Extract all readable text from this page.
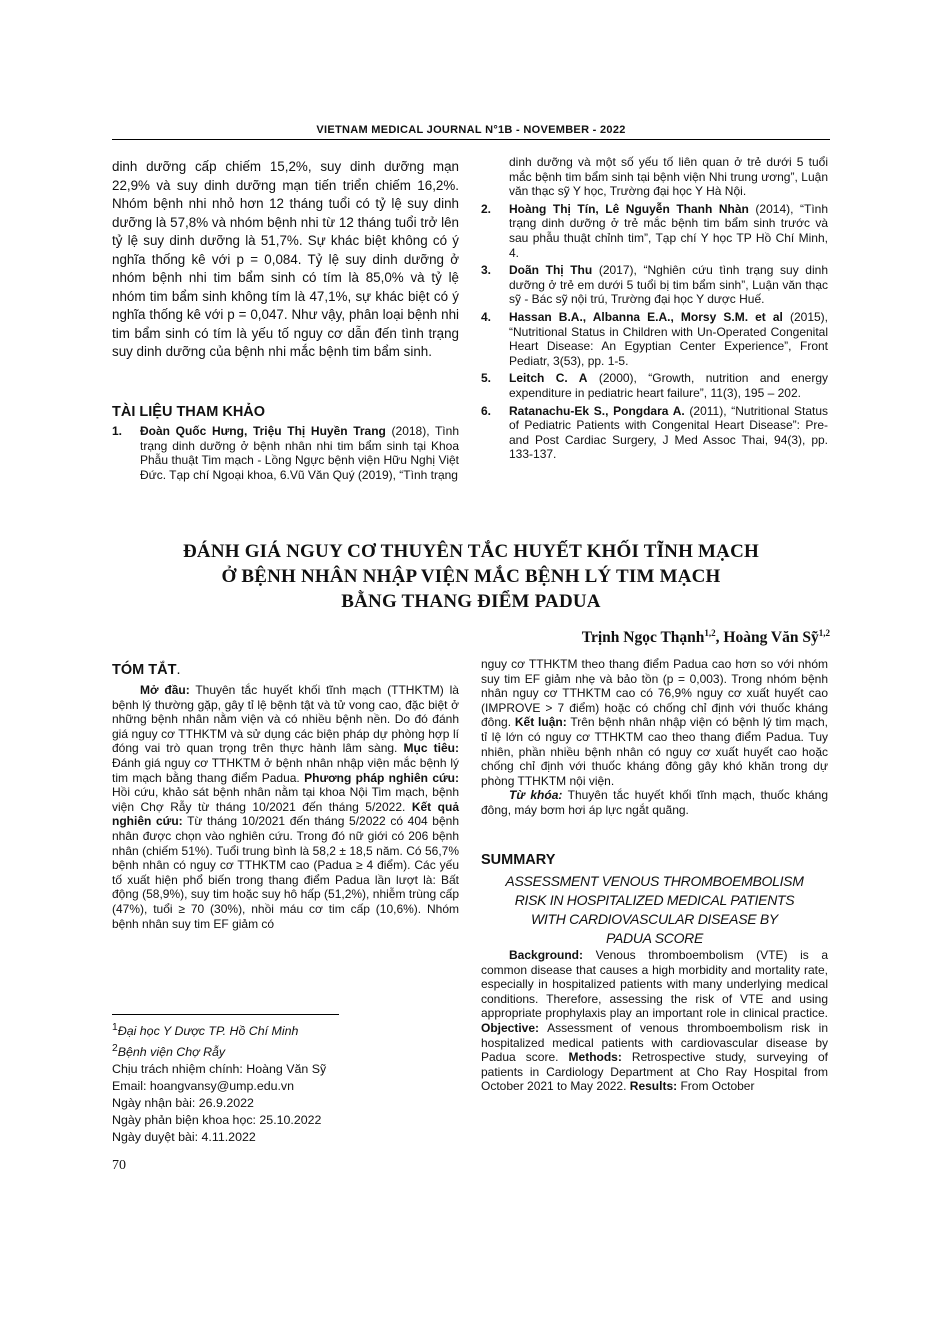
VIETNAM MEDICAL JOURNAL N°1B - NOVEMBER - 2022
dinh dưỡng cấp chiếm 15,2%, suy dinh dưỡng mạn 22,9% và suy dinh dưỡng mạn tiến triển chiếm 16,2%. Nhóm bệnh nhi nhỏ hơn 12 tháng tuổi có tỷ lệ suy dinh dưỡng là 57,8% và nhóm bệnh nhi từ 12 tháng tuổi trở lên tỷ lệ suy dinh dưỡng là 51,7%. Sự khác biệt không có ý nghĩa thống kê với p = 0,084. Tỷ lệ suy dinh dưỡng ở nhóm bệnh nhi tim bẩm sinh có tím là 85,0% và tỷ lệ nhóm tim bẩm sinh không tím là 47,1%, sự khác biệt có ý nghĩa thống kê với p = 0,047. Như vậy, phân loại bệnh nhi tim bẩm sinh có tím là yếu tố nguy cơ dẫn đến tình trạng suy dinh dưỡng của bệnh nhi mắc bệnh tim bẩm sinh.
TÀI LIỆU THAM KHẢO
1. Đoàn Quốc Hưng, Triệu Thị Huyền Trang (2018), Tình trạng dinh dưỡng ở bệnh nhân nhi tim bẩm sinh tại Khoa Phẫu thuật Tim mạch - Lồng Ngực bệnh viện Hữu Nghị Việt Đức. Tạp chí Ngoại khoa, 6.Vũ Văn Quý (2019), “Tình trạng
dinh dưỡng và một số yếu tố liên quan ở trẻ dưới 5 tuổi mắc bệnh tim bẩm sinh tại bệnh viện Nhi trung ương”, Luận văn thạc sỹ Y học, Trường đại học Y Hà Nội.
2. Hoàng Thị Tín, Lê Nguyễn Thanh Nhàn (2014), “Tình trạng dinh dưỡng ở trẻ mắc bệnh tim bẩm sinh trước và sau phẫu thuật chỉnh tim”, Tạp chí Y học TP Hồ Chí Minh, 4.
3. Doãn Thị Thu (2017), “Nghiên cứu tình trạng suy dinh dưỡng ở trẻ em dưới 5 tuổi bị tim bẩm sinh”, Luận văn thạc sỹ - Bác sỹ nội trú, Trường đại học Y dược Huế.
4. Hassan B.A., Albanna E.A., Morsy S.M. et al (2015), “Nutritional Status in Children with Un-Operated Congenital Heart Disease: An Egyptian Center Experience”, Front Pediatr, 3(53), pp. 1-5.
5. Leitch C. A (2000), “Growth, nutrition and energy expenditure in pediatric heart failure”, 11(3), 195 – 202.
6. Ratanachu-Ek S., Pongdara A. (2011), “Nutritional Status of Pediatric Patients with Congenital Heart Disease”: Pre- and Post Cardiac Surgery, J Med Assoc Thai, 94(3), pp. 133-137.
ĐÁNH GIÁ NGUY CƠ THUYÊN TẮC HUYẾT KHỐI TĨNH MẠCH
Ở BỆNH NHÂN NHẬP VIỆN MẮC BỆNH LÝ TIM MẠCH
BẰNG THANG ĐIỂM PADUA
Trịnh Ngọc Thạnh$^{1,2}$, Hoàng Văn Sỹ$^{1,2}$
TÓM TẮT.
Mở đầu: Thuyên tắc huyết khối tĩnh mạch (TTHKTM) là bệnh lý thường gặp, gây tỉ lệ bệnh tật và tử vong cao, đặc biệt ở những bệnh nhân nằm viện và có nhiều bệnh nền. Do đó đánh giá nguy cơ TTHKTM và sử dụng các biện pháp dự phòng hợp lí đóng vai trò quan trọng trên thực hành lâm sàng. Mục tiêu: Đánh giá nguy cơ TTHKTM ở bệnh nhân nhập viện mắc bệnh lý tim mạch bằng thang điểm Padua. Phương pháp nghiên cứu: Hồi cứu, khảo sát bệnh nhân nằm tại khoa Nội Tim mạch, bệnh viện Chợ Rẫy từ tháng 10/2021 đến tháng 5/2022. Kết quả nghiên cứu: Từ tháng 10/2021 đến tháng 5/2022 có 404 bệnh nhân được chọn vào nghiên cứu. Trong đó nữ giới có 206 bệnh nhân (chiếm 51%). Tuổi trung bình là 58,2 ± 18,5 năm. Có 56,7% bệnh nhân có nguy cơ TTHKTM cao (Padua ≥ 4 điểm). Các yếu tố xuất hiện phổ biến trong thang điểm Padua lần lượt là: Bất động (58,9%), suy tim hoặc suy hô hấp (51,2%), nhiễm trùng cấp (47%), tuổi ≥ 70 (30%), nhồi máu cơ tim cấp (10,6%). Nhóm bệnh nhân suy tim EF giảm có
nguy cơ TTHKTM theo thang điểm Padua cao hơn so với nhóm suy tim EF giảm nhẹ và bảo tồn (p = 0,003). Trong nhóm bệnh nhân nguy cơ TTHKTM cao có 76,9% nguy cơ xuất huyết cao (IMPROVE > 7 điểm) hoặc có chống chỉ định với thuốc kháng đông. Kết luận: Trên bệnh nhân nhập viện có bệnh lý tim mạch, tỉ lệ lớn có nguy cơ TTHKTM cao theo thang điểm Padua. Tuy nhiên, phần nhiều bệnh nhân có nguy cơ xuất huyết cao hoặc chống chỉ định với thuốc kháng đông gây khó khăn trong dự phòng TTHKTM nội viện.
Từ khóa: Thuyên tắc huyết khối tĩnh mạch, thuốc kháng đông, máy bơm hơi áp lực ngắt quãng.
SUMMARY
ASSESSMENT VENOUS THROMBOEMBOLISM
RISK IN HOSPITALIZED MEDICAL PATIENTS
WITH CARDIOVASCULAR DISEASE BY
PADUA SCORE
Background: Venous thromboembolism (VTE) is a common disease that causes a high morbidity and mortality rate, especially in hospitalized patients with many underlying medical conditions. Therefore, assessing the risk of VTE and using appropriate prophylaxis play an important role in clinical practice. Objective: Assessment of venous thromboembolism risk in hospitalized medical patients with cardiovascular disease by Padua score. Methods: Retrospective study, surveying of patients in Cardiology Department at Cho Ray Hospital from October 2021 to May 2022. Results: From October
$^1$Đại học Y Dược TP. Hồ Chí Minh
$^2$Bệnh viện Chợ Rẫy
Chịu trách nhiệm chính: Hoàng Văn Sỹ
Email: hoangvansy@ump.edu.vn
Ngày nhận bài: 26.9.2022
Ngày phản biện khoa học: 25.10.2022
Ngày duyệt bài: 4.11.2022
70
